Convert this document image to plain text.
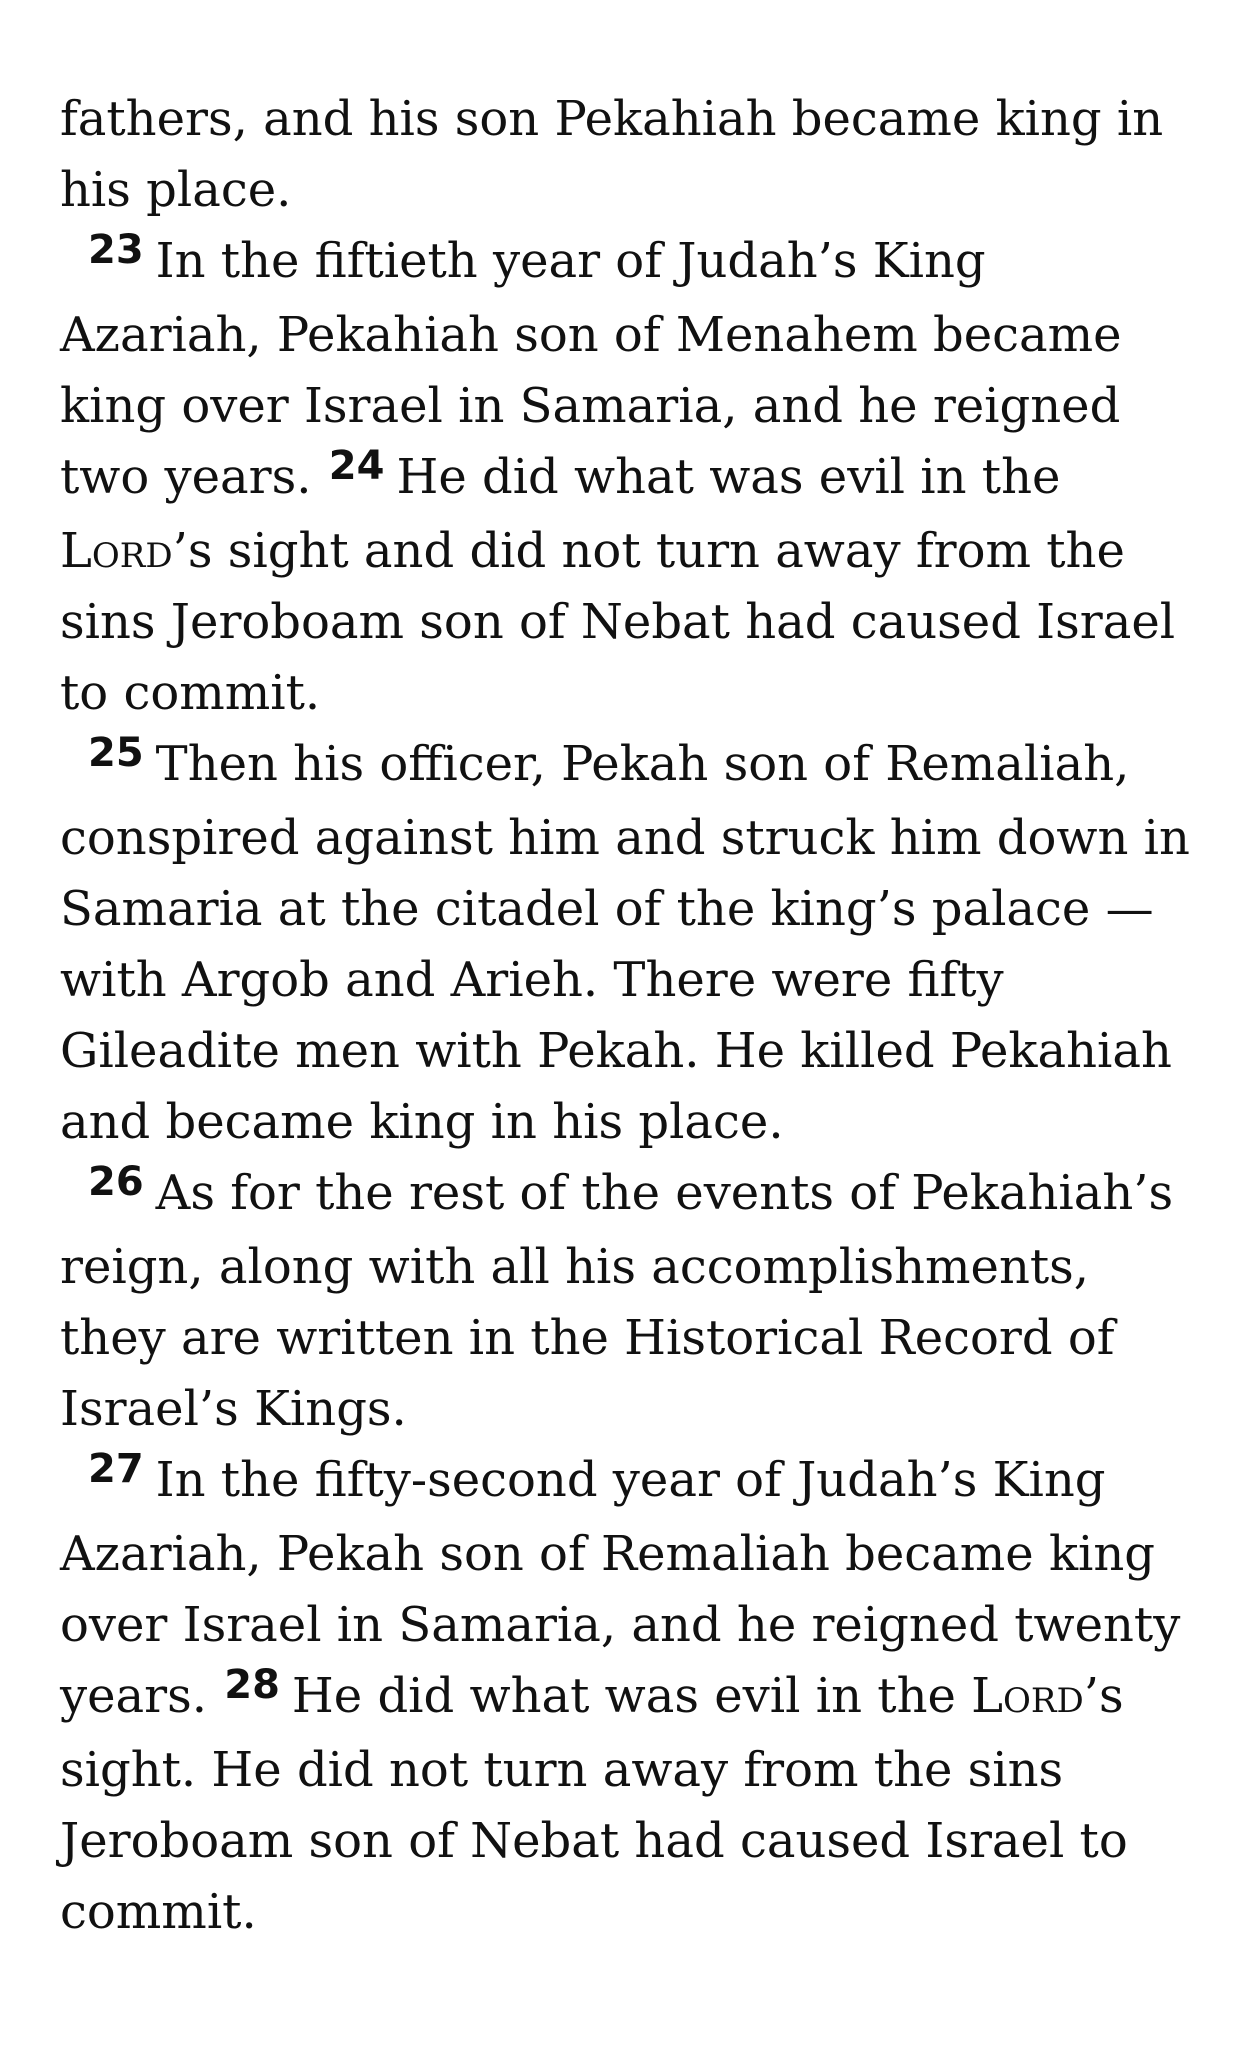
fathers, and his son Pekahiah became king in his place.

$^{23}$ In the fiftieth year of Judah’s King Azariah, Pekahiah son of Menahem became king over Israel in Samaria, and he reigned two years. $^{24}$ He did what was evil in the Lord’s sight and did not turn away from the sins Jeroboam son of Nebat had caused Israel to commit.

$^{25}$ Then his officer, Pekah son of Remaliah, conspired against him and struck him down in Samaria at the citadel of the king’s palace — with Argob and Arieh. There were fifty Gileadite men with Pekah. He killed Pekahiah and became king in his place.

$^{26}$ As for the rest of the events of Pekahiah’s reign, along with all his accomplishments, they are written in the Historical Record of Israel’s Kings.

$^{27}$ In the fifty-second year of Judah’s King Azariah, Pekah son of Remaliah became king over Israel in Samaria, and he reigned twenty years. $^{28}$ He did what was evil in the Lord’s sight. He did not turn away from the sins Jeroboam son of Nebat had caused Israel to commit.
